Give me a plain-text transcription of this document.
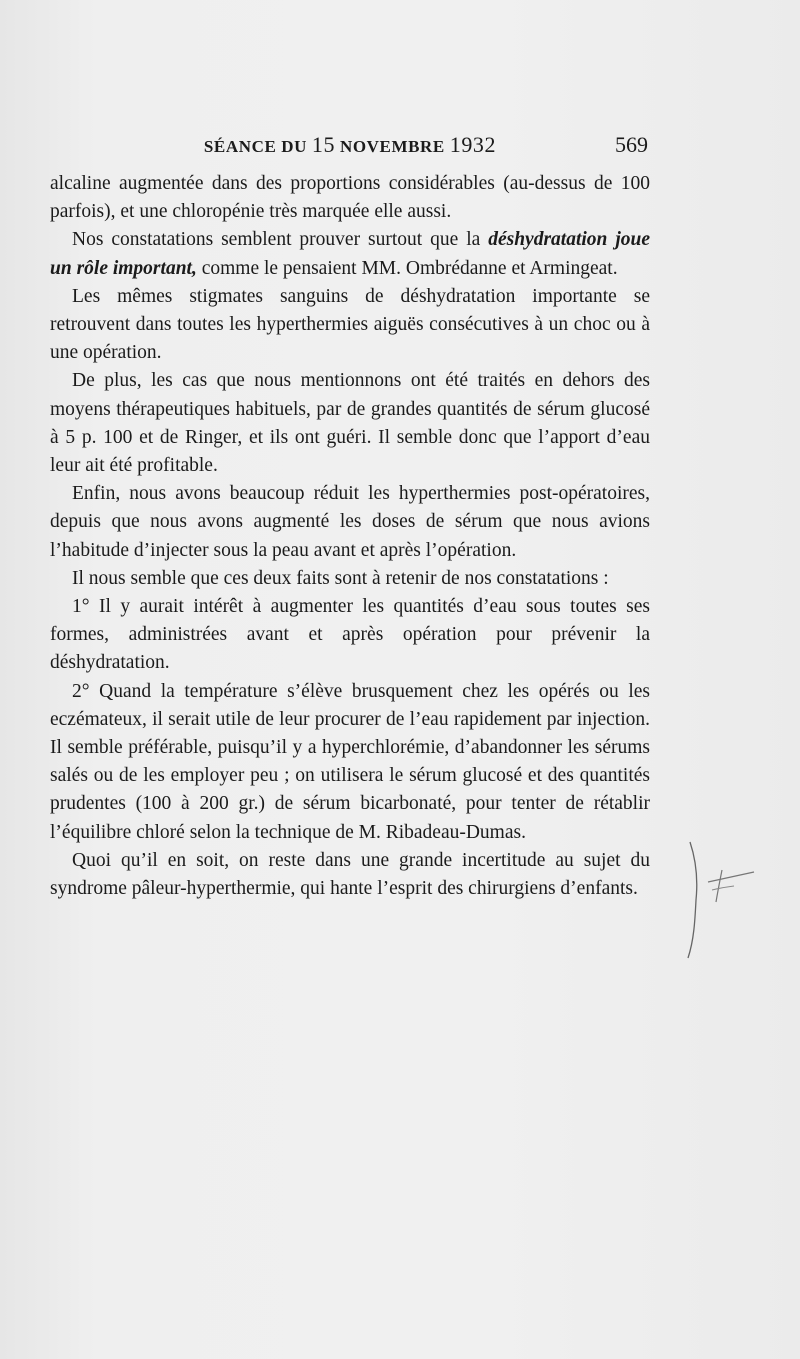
SÉANCE DU 15 NOVEMBRE 1932	569

alcaline augmentée dans des proportions considérables (au-dessus de 100 parfois), et une chloropénie très marquée elle aussi.

Nos constatations semblent prouver surtout que la déshydratation joue un rôle important, comme le pensaient MM. Ombrédanne et Armingeat.

Les mêmes stigmates sanguins de déshydratation importante se retrouvent dans toutes les hyperthermies aiguës consécutives à un choc ou à une opération.

De plus, les cas que nous mentionnons ont été traités en dehors des moyens thérapeutiques habituels, par de grandes quantités de sérum glucosé à 5 p. 100 et de Ringer, et ils ont guéri. Il semble donc que l’apport d’eau leur ait été profitable.

Enfin, nous avons beaucoup réduit les hyperthermies post-opératoires, depuis que nous avons augmenté les doses de sérum que nous avions l’habitude d’injecter sous la peau avant et après l’opération.

Il nous semble que ces deux faits sont à retenir de nos constatations :

1° Il y aurait intérêt à augmenter les quantités d’eau sous toutes ses formes, administrées avant et après opération pour prévenir la déshydratation.

2° Quand la température s’élève brusquement chez les opérés ou les eczémateux, il serait utile de leur procurer de l’eau rapidement par injection. Il semble préférable, puisqu’il y a hyperchlorémie, d’abandonner les sérums salés ou de les employer peu ; on utilisera le sérum glucosé et des quantités prudentes (100 à 200 gr.) de sérum bicarbonaté, pour tenter de rétablir l’équilibre chloré selon la technique de M. Ribadeau-Dumas.

Quoi qu’il en soit, on reste dans une grande incertitude au sujet du syndrome pâleur-hyperthermie, qui hante l’esprit des chirurgiens d’enfants.
